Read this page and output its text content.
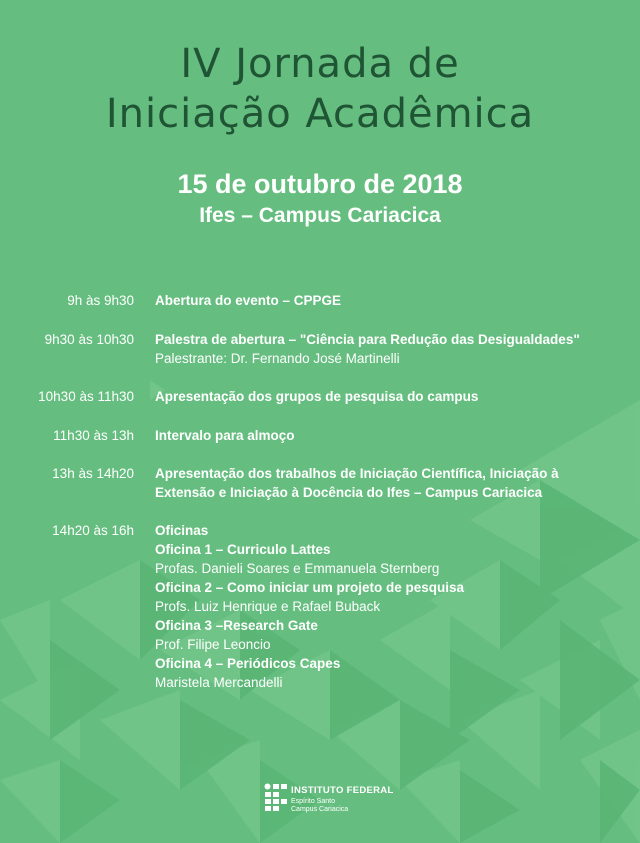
IV Jornada de
Iniciação Acadêmica
15 de outubro de 2018
Ifes – Campus Cariacica
9h às 9h30 Abertura do evento – CPPGE
9h30 às 10h30 Palestra de abertura – "Ciência para Redução das Desigualdades"
Palestrante: Dr. Fernando José Martinelli
10h30 às 11h30 Apresentação dos grupos de pesquisa do campus
11h30 às 13h Intervalo para almoço
13h às 14h20 Apresentação dos trabalhos de Iniciação Científica, Iniciação à
Extensão e Iniciação à Docência do Ifes – Campus Cariacica
14h20 às 16h Oficinas
Oficina 1 – Curriculo Lattes
Profas. Danieli Soares e Emmanuela Sternberg
Oficina 2 – Como iniciar um projeto de pesquisa
Profs. Luiz Henrique e Rafael Buback
Oficina 3 –Research Gate
Prof. Filipe Leoncio
Oficina 4 – Periódicos Capes
Maristela Mercandelli
INSTITUTO FEDERAL
Espírito Santo
Campus Cariacica
